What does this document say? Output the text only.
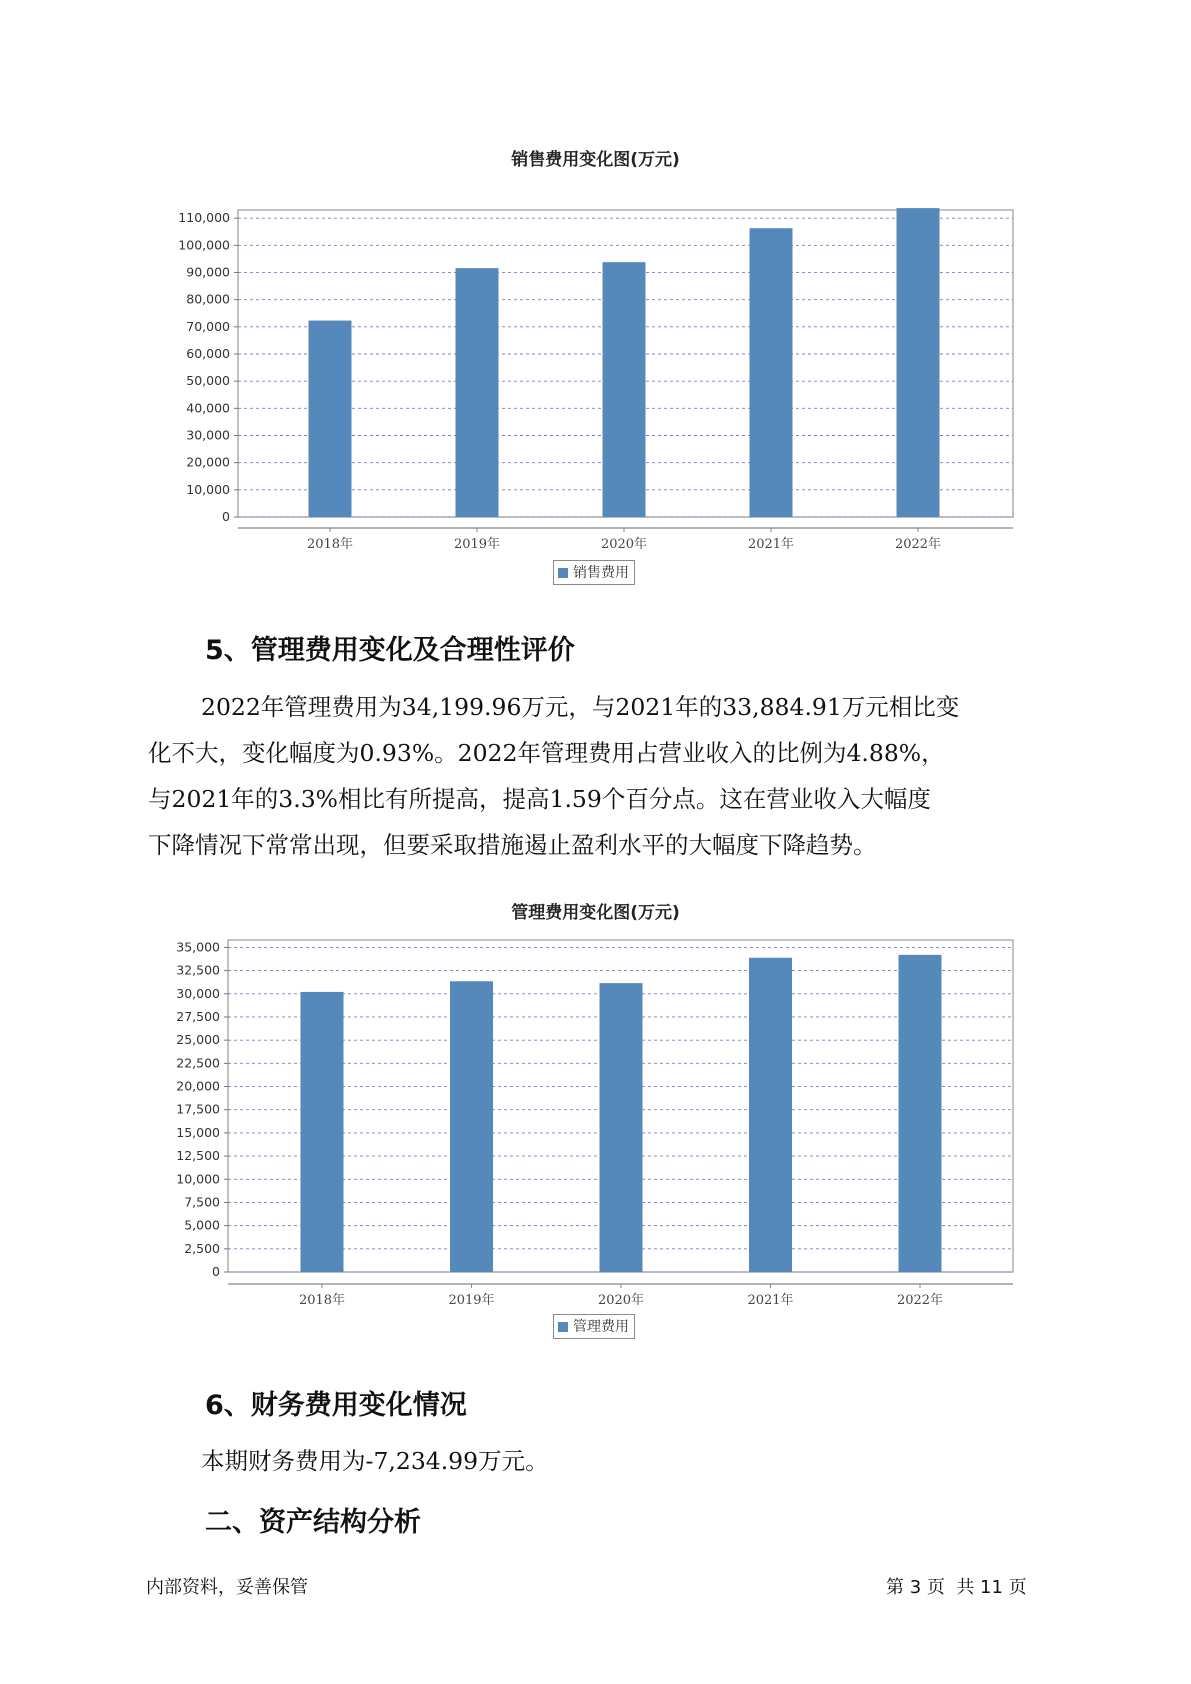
销售费用变化图(万元)
0
10,000
20,000
30,000
40,000
50,000
60,000
70,000
80,000
90,000
100,000
110,000
2018年	2019年	2020年	2021年	2022年
销售费用
5、管理费用变化及合理性评价
2022年管理费用为34,199.96万元，与2021年的33,884.91万元相比变
化不大，变化幅度为0.93%。2022年管理费用占营业收入的比例为4.88%，
与2021年的3.3%相比有所提高，提高1.59个百分点。这在营业收入大幅度
下降情况下常常出现，但要采取措施遏止盈利水平的大幅度下降趋势。
管理费用变化图(万元)
0
2,500
5,000
7,500
10,000
12,500
15,000
17,500
20,000
22,500
25,000
27,500
30,000
32,500
35,000
2018年	2019年	2020年	2021年	2022年
管理费用
6、财务费用变化情况
本期财务费用为-7,234.99万元。
二、资产结构分析
内部资料，妥善保管	第 3 页  共 11 页
